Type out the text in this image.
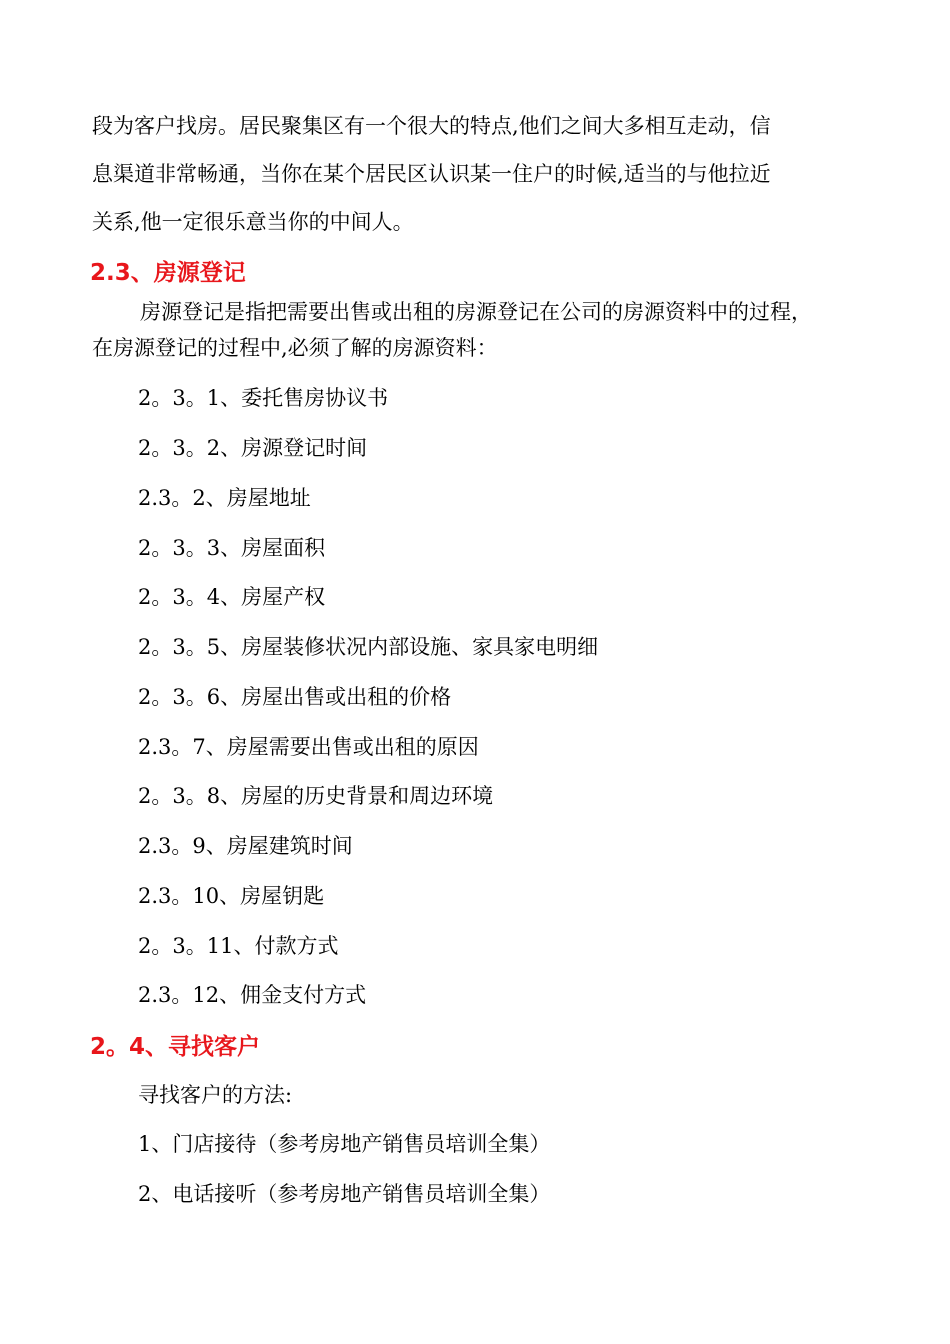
段为客户找房。居民聚集区有一个很大的特点,他们之间大多相互走动，信
息渠道非常畅通，当你在某个居民区认识某一住户的时候,适当的与他拉近
关系,他一定很乐意当你的中间人。
2.3、房源登记
房源登记是指把需要出售或出租的房源登记在公司的房源资料中的过程，
在房源登记的过程中,必须了解的房源资料：
2。3。1、委托售房协议书
2。3。2、房源登记时间
2.3。2、房屋地址
2。3。3、房屋面积
2。3。4、房屋产权
2。3。5、房屋装修状况内部设施、家具家电明细
2。3。6、房屋出售或出租的价格
2.3。7、房屋需要出售或出租的原因
2。3。8、房屋的历史背景和周边环境
2.3。9、房屋建筑时间
2.3。10、房屋钥匙
2。3。11、付款方式
2.3。12、佣金支付方式
2。4、寻找客户
寻找客户的方法:
1、门店接待（参考房地产销售员培训全集）
2、电话接听（参考房地产销售员培训全集）
